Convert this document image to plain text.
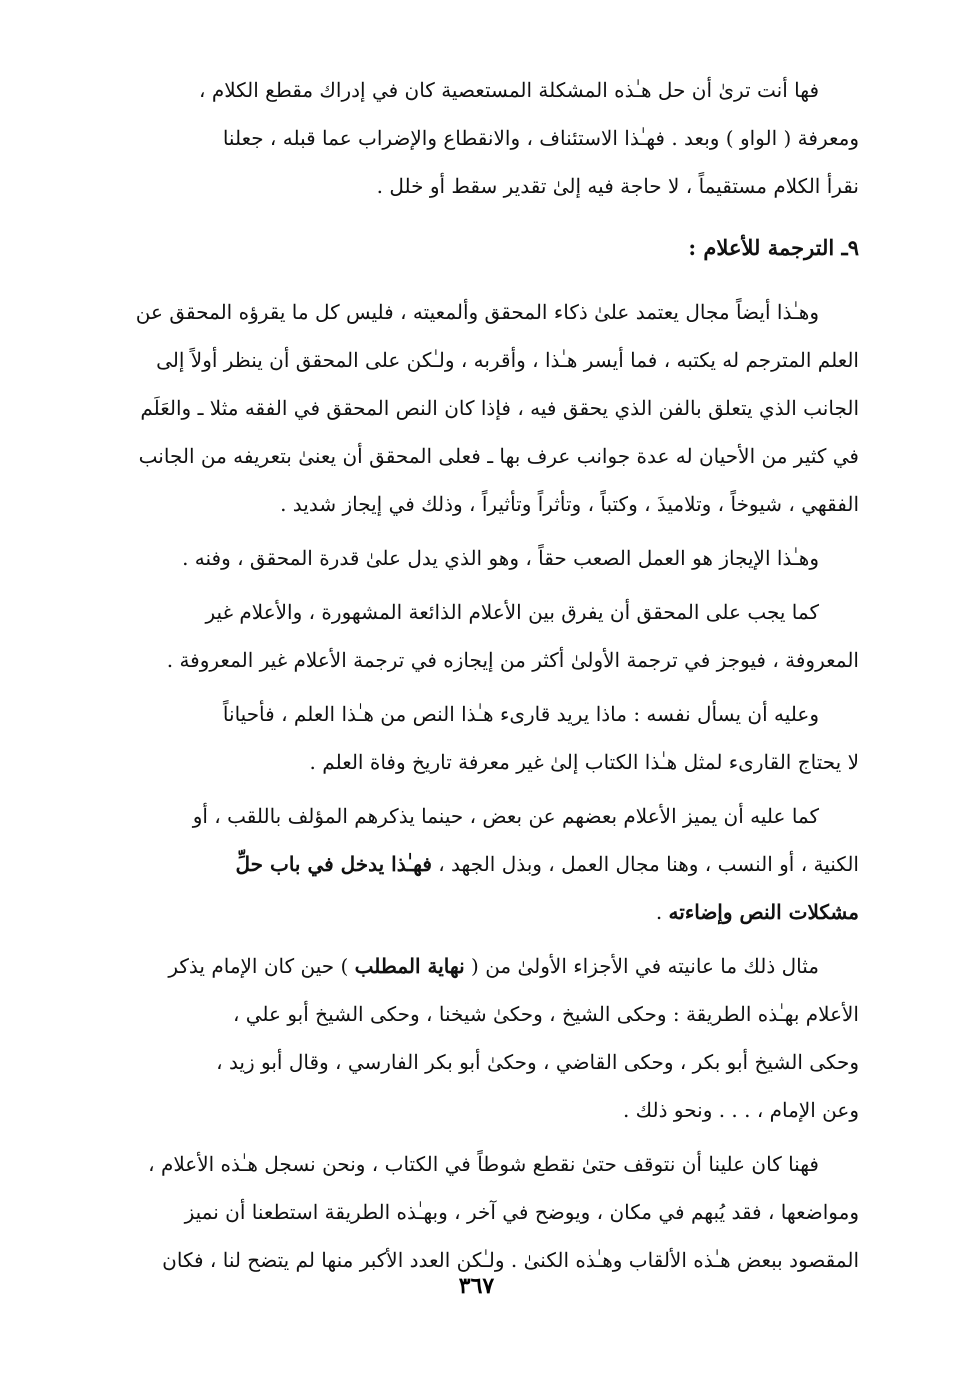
فها أنت ترىٰ أن حل هـٰذه المشكلة المستعصية كان في إدراك مقطع الكلام ،
ومعرفة ( الواو ) وبعد . فهـٰذا الاستئناف ، والانقطاع والإضراب عما قبله ، جعلنا
نقرأ الكلام مستقيماً ، لا حاجة فيه إلىٰ تقدير سقط أو خلل .
٩ـ الترجمة للأعلام :
وهـٰذا أيضاً مجال يعتمد علىٰ ذكاء المحقق وألمعيته ، فليس كل ما يقرؤه المحقق عن
العلم المترجم له يكتبه ، فما أيسر هـٰذا ، وأقربه ، ولـٰكن على المحقق أن ينظر أولاً إلى
الجانب الذي يتعلق بالفن الذي يحقق فيه ، فإذا كان النص المحقق في الفقه مثلا ـ والعَلَم
في كثير من الأحيان له عدة جوانب عرف بها ـ فعلى المحقق أن يعنىٰ بتعريفه من الجانب
الفقهي ، شيوخاً ، وتلاميذَ ، وكتباً ، وتأثراً وتأثيراً ، وذلك في إيجاز شديد .
وهـٰذا الإيجاز هو العمل الصعب حقاً ، وهو الذي يدل علىٰ قدرة المحقق ، وفنه .
كما يجب على المحقق أن يفرق بين الأعلام الذائعة المشهورة ، والأعلام غير
المعروفة ، فيوجز في ترجمة الأولىٰ أكثر من إيجازه في ترجمة الأعلام غير المعروفة .
وعليه أن يسأل نفسه : ماذا يريد قارىء هـٰذا النص من هـٰذا العلم ، فأحياناً
لا يحتاج القارىء لمثل هـٰذا الكتاب إلىٰ غير معرفة تاريخ وفاة العلم .
كما عليه أن يميز الأعلام بعضهم عن بعض ، حينما يذكرهم المؤلف باللقب ، أو
الكنية ، أو النسب ، وهنا مجال العمل ، وبذل الجهد ، فهـٰذا يدخل في باب حلِّ
مشكلات النص وإضاءته .
مثال ذلك ما عانيته في الأجزاء الأولىٰ من ( نهاية المطلب ) حين كان الإمام يذكر
الأعلام بهـٰذه الطريقة : وحكى الشيخ ، وحكىٰ شيخنا ، وحكى الشيخ أبو علي ،
وحكى الشيخ أبو بكر ، وحكى القاضي ، وحكىٰ أبو بكر الفارسي ، وقال أبو زيد ،
وعن الإمام ، . . . ونحو ذلك .
فهنا كان علينا أن نتوقف حتىٰ نقطع شوطاً في الكتاب ، ونحن نسجل هـٰذه الأعلام ،
ومواضعها ، فقد يُبهم في مكان ، ويوضح في آخر ، وبهـٰذه الطريقة استطعنا أن نميز
المقصود ببعض هـٰذه الألقاب وهـٰذه الكنىٰ . ولـٰكن العدد الأكبر منها لم يتضح لنا ، فكان
٣٦٧
